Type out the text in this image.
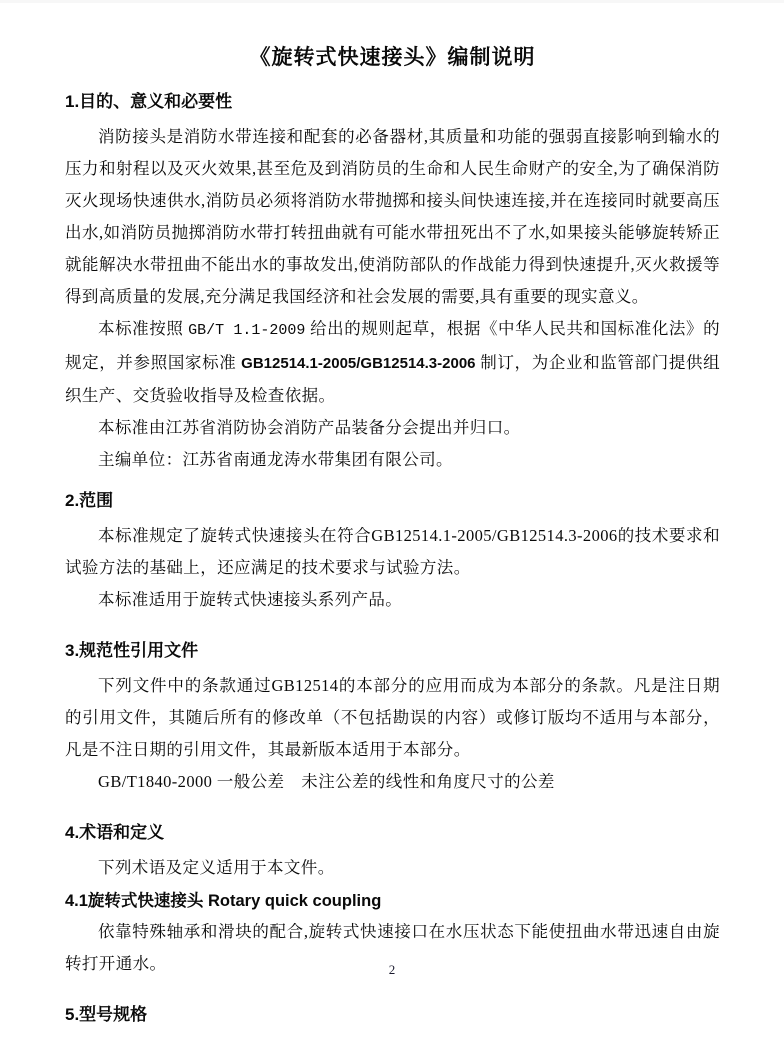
《旋转式快速接头》编制说明
1.目的、意义和必要性

消防接头是消防水带连接和配套的必备器材,其质量和功能的强弱直接影响到输水的压力和射程以及灭火效果,甚至危及到消防员的生命和人民生命财产的安全,为了确保消防灭火现场快速供水,消防员必须将消防水带抛掷和接头间快速连接,并在连接同时就要高压出水,如消防员抛掷消防水带打转扭曲就有可能水带扭死出不了水,如果接头能够旋转矫正就能解决水带扭曲不能出水的事故发出,使消防部队的作战能力得到快速提升,灭火救援等得到高质量的发展,充分满足我国经济和社会发展的需要,具有重要的现实意义。

本标准按照 GB/T 1.1-2009 给出的规则起草，根据《中华人民共和国标准化法》的规定，并参照国家标准 GB12514.1-2005/GB12514.3-2006 制订，为企业和监管部门提供组织生产、交货验收指导及检查依据。

本标准由江苏省消防协会消防产品装备分会提出并归口。

主编单位：江苏省南通龙涛水带集团有限公司。

2.范围

本标准规定了旋转式快速接头在符合GB12514.1-2005/GB12514.3-2006的技术要求和试验方法的基础上，还应满足的技术要求与试验方法。

本标准适用于旋转式快速接头系列产品。

3.规范性引用文件

下列文件中的条款通过GB12514的本部分的应用而成为本部分的条款。凡是注日期的引用文件，其随后所有的修改单（不包括勘误的内容）或修订版均不适用与本部分，凡是不注日期的引用文件，其最新版本适用于本部分。

GB/T1840-2000 一般公差　未注公差的线性和角度尺寸的公差

4.术语和定义

下列术语及定义适用于本文件。

4.1旋转式快速接头 Rotary quick coupling

依靠特殊轴承和滑块的配合,旋转式快速接口在水压状态下能使扭曲水带迅速自由旋转打开通水。

5.型号规格
2
